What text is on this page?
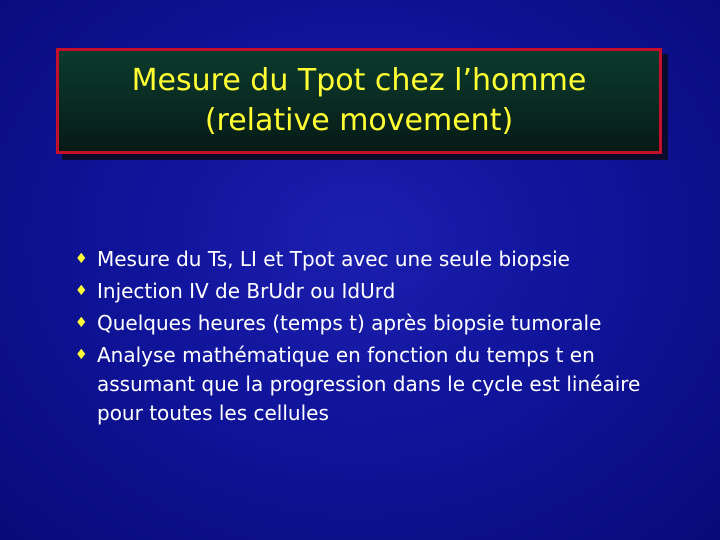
Mesure du Tpot chez l’homme
(relative movement)
♦ Mesure du Ts, LI et Tpot avec une seule biopsie
♦ Injection IV de BrUdr ou IdUrd
♦ Quelques heures (temps t) après biopsie tumorale
♦ Analyse mathématique en fonction du temps t en assumant que la progression dans le cycle est linéaire pour toutes les cellules
